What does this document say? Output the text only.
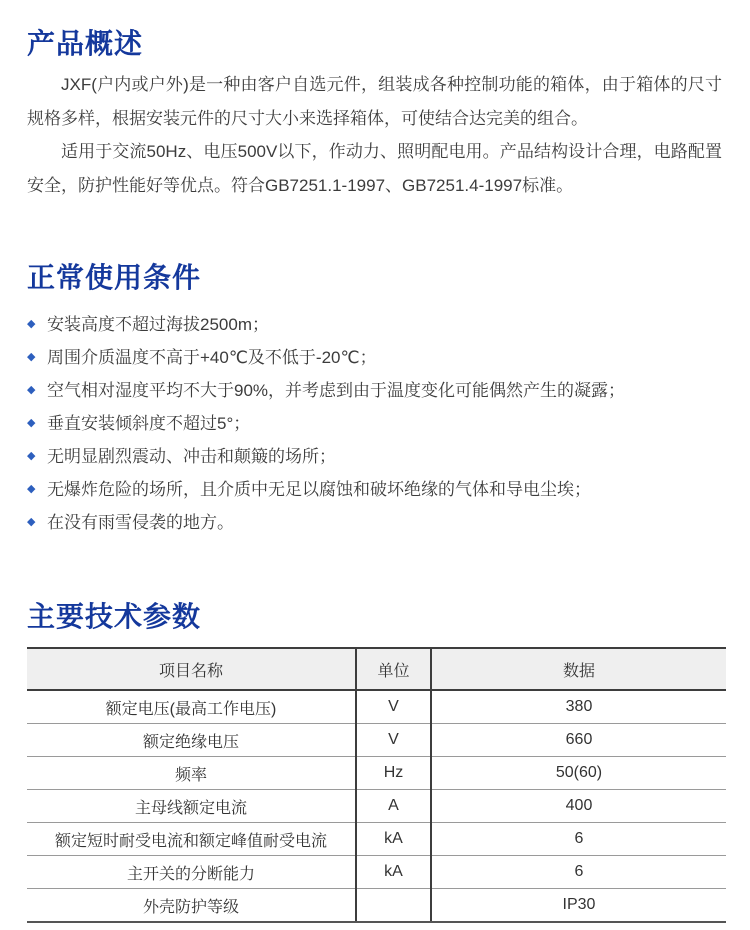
产品概述

JXF(户内或户外)是一种由客户自选元件，组装成各种控制功能的箱体，由于箱体的尺寸规格多样，根据安装元件的尺寸大小来选择箱体，可使结合达完美的组合。

适用于交流50Hz、电压500V以下，作动力、照明配电用。产品结构设计合理，电路配置安全，防护性能好等优点。符合GB7251.1-1997、GB7251.4-1997标准。

正常使用条件
◆ 安装高度不超过海拔2500m；
◆ 周围介质温度不高于+40℃及不低于-20℃；
◆ 空气相对湿度平均不大于90%，并考虑到由于温度变化可能偶然产生的凝露；
◆ 垂直安装倾斜度不超过5°；
◆ 无明显剧烈震动、冲击和颠簸的场所；
◆ 无爆炸危险的场所，且介质中无足以腐蚀和破坏绝缘的气体和导电尘埃；
◆ 在没有雨雪侵袭的地方。
主要技术参数
项目名称	单位	数据
额定电压(最高工作电压)	V	380
额定绝缘电压	V	660
频率	Hz	50(60)
主母线额定电流	A	400
额定短时耐受电流和额定峰值耐受电流	kA	6
主开关的分断能力	kA	6
外壳防护等级		IP30
